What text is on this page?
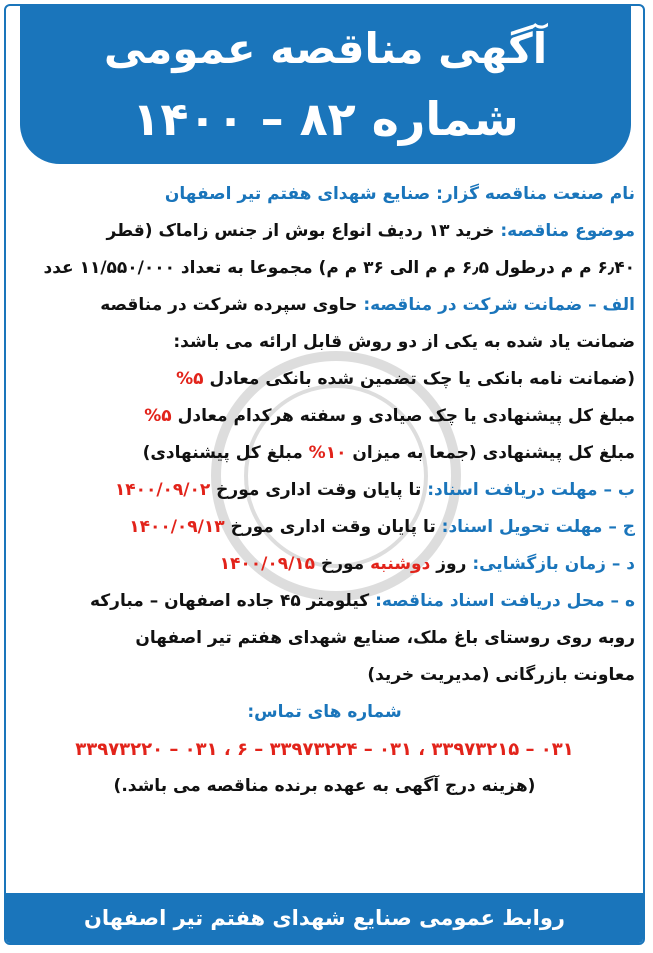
آگهی مناقصه عمومی
شماره ۸۲ – ۱۴۰۰
نام صنعت مناقصه گزار: صنایع شهدای هفتم تیر اصفهان
موضوع مناقصه: خرید ۱۳ ردیف انواع بوش از جنس زاماک (قطر
۶٫۴۰ م م درطول ۶٫۵ م م الی ۳۶ م م) مجموعا به تعداد ۱۱/۵۵۰/۰۰۰ عدد
الف – ضمانت شرکت در مناقصه: حاوی سپرده شرکت در مناقصه
ضمانت یاد شده به یکی از دو روش قابل ارائه می باشد:
(ضمانت نامه بانکی یا چک تضمین شده بانکی معادل ۵%
مبلغ کل پیشنهادی یا چک صیادی و سفته هرکدام معادل ۵%
مبلغ کل پیشنهادی (جمعا به میزان ۱۰% مبلغ کل پیشنهادی)
ب – مهلت دریافت اسناد: تا پایان وقت اداری مورخ ۱۴۰۰/۰۹/۰۲
ج – مهلت تحویل اسناد: تا پایان وقت اداری مورخ ۱۴۰۰/۰۹/۱۳
د – زمان بازگشایی: روز دوشنبه مورخ ۱۴۰۰/۰۹/۱۵
ه – محل دریافت اسناد مناقصه: کیلومتر ۴۵ جاده اصفهان – مبارکه
روبه روی روستای باغ ملک، صنایع شهدای هفتم تیر اصفهان
معاونت بازرگانی (مدیریت خرید)
شماره های تماس:
۰۳۱ – ۳۳۹۷۳۲۱۵ ، ۰۳۱ – ۳۳۹۷۳۲۲۴ – ۶ ، ۰۳۱ – ۳۳۹۷۳۲۲۰
(هزینه درج آگهی به عهده برنده مناقصه می باشد.)
روابط عمومی صنایع شهدای هفتم تیر اصفهان
